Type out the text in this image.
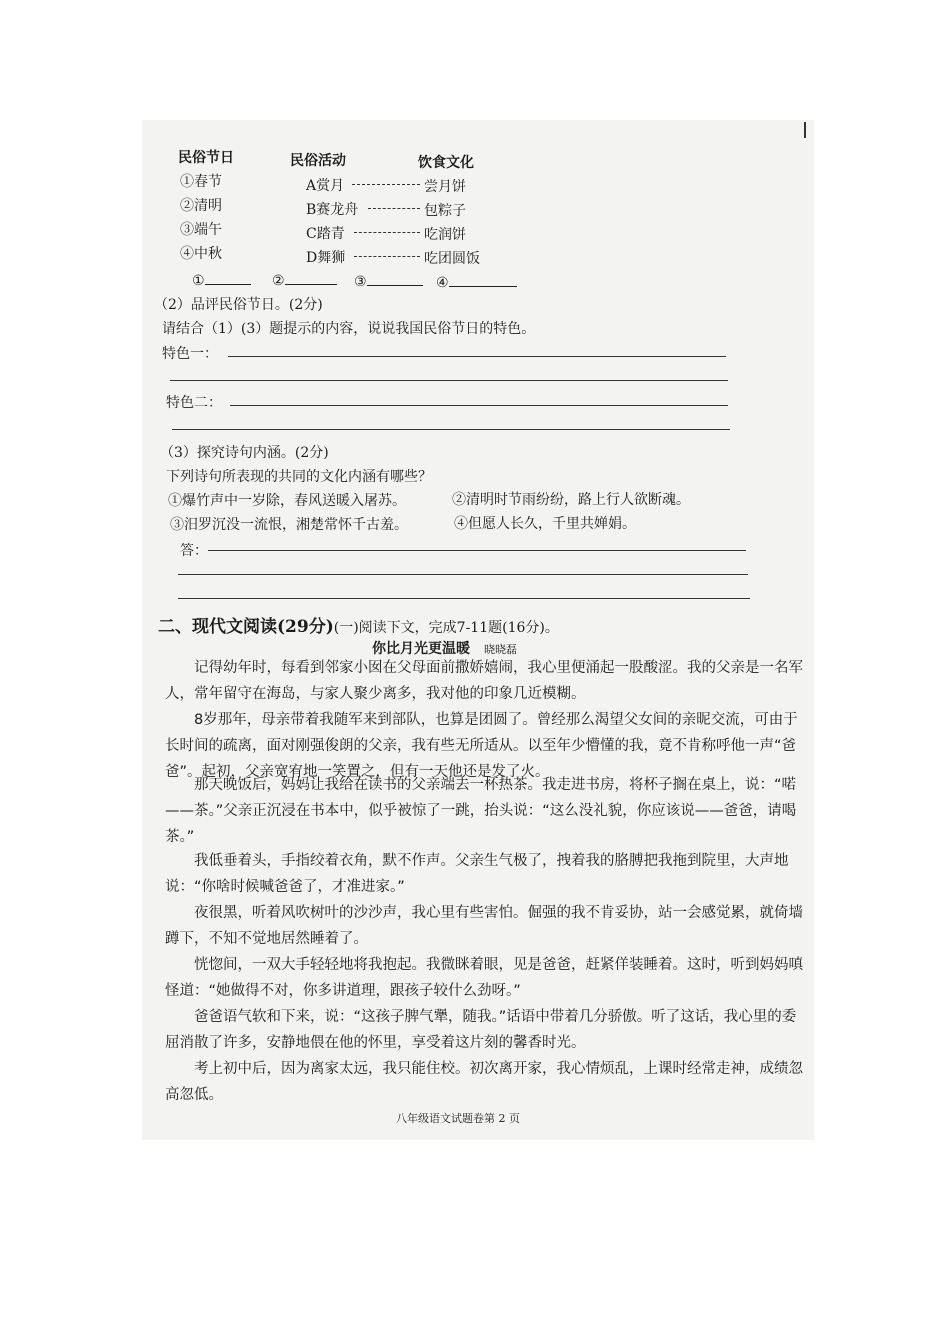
民俗节日	民俗活动	饮食文化
①春节	A赏月	尝月饼
②清明	B赛龙舟	包粽子
③端午	C踏青	吃润饼
④中秋	D舞狮	吃团圆饭
①	②	③	④
（2）品评民俗节日。(2分)
请结合（1）(3）题提示的内容，说说我国民俗节日的特色。
特色一：
特色二：
（3）探究诗句内涵。(2分)
下列诗句所表现的共同的文化内涵有哪些？
①爆竹声中一岁除，春风送暖入屠苏。	②清明时节雨纷纷，路上行人欲断魂。
③汨罗沉没一流恨，湘楚常怀千古羞。	④但愿人长久，千里共婵娟。
答：
二、现代文阅读(29分)(一)阅读下文，完成7-11题(16分)。
你比月光更温暖 晓晓磊
记得幼年时，每看到邻家小囡在父母面前撒娇嬉闹，我心里便涌起一股酸涩。我的父亲是一名军人，常年留守在海岛，与家人聚少离多，我对他的印象几近模糊。
8岁那年，母亲带着我随军来到部队，也算是团圆了。曾经那么渴望父女间的亲昵交流，可由于长时间的疏离，面对刚强俊朗的父亲，我有些无所适从。以至年少懵懂的我，竟不肯称呼他一声“爸爸”。起初，父亲宽宥地一笑置之，但有一天他还是发了火。
那天晚饭后，妈妈让我给在读书的父亲端去一杯热茶。我走进书房，将杯子搁在桌上，说：“喏——茶。”父亲正沉浸在书本中，似乎被惊了一跳，抬头说：“这么没礼貌，你应该说——爸爸，请喝茶。”
我低垂着头，手指绞着衣角，默不作声。父亲生气极了，拽着我的胳膊把我拖到院里，大声地说：“你啥时候喊爸爸了，才准进家。”
夜很黑，听着风吹树叶的沙沙声，我心里有些害怕。倔强的我不肯妥协，站一会感觉累，就倚墙蹲下，不知不觉地居然睡着了。
恍惚间，一双大手轻轻地将我抱起。我微眯着眼，见是爸爸，赶紧佯装睡着。这时，听到妈妈嗔怪道：“她做得不对，你多讲道理，跟孩子较什么劲呀。”
爸爸语气软和下来，说：“这孩子脾气犟，随我。”话语中带着几分骄傲。听了这话，我心里的委屈消散了许多，安静地偎在他的怀里，享受着这片刻的馨香时光。
考上初中后，因为离家太远，我只能住校。初次离开家，我心情烦乱，上课时经常走神，成绩忽高忽低。
八年级语文试题卷第 2 页
